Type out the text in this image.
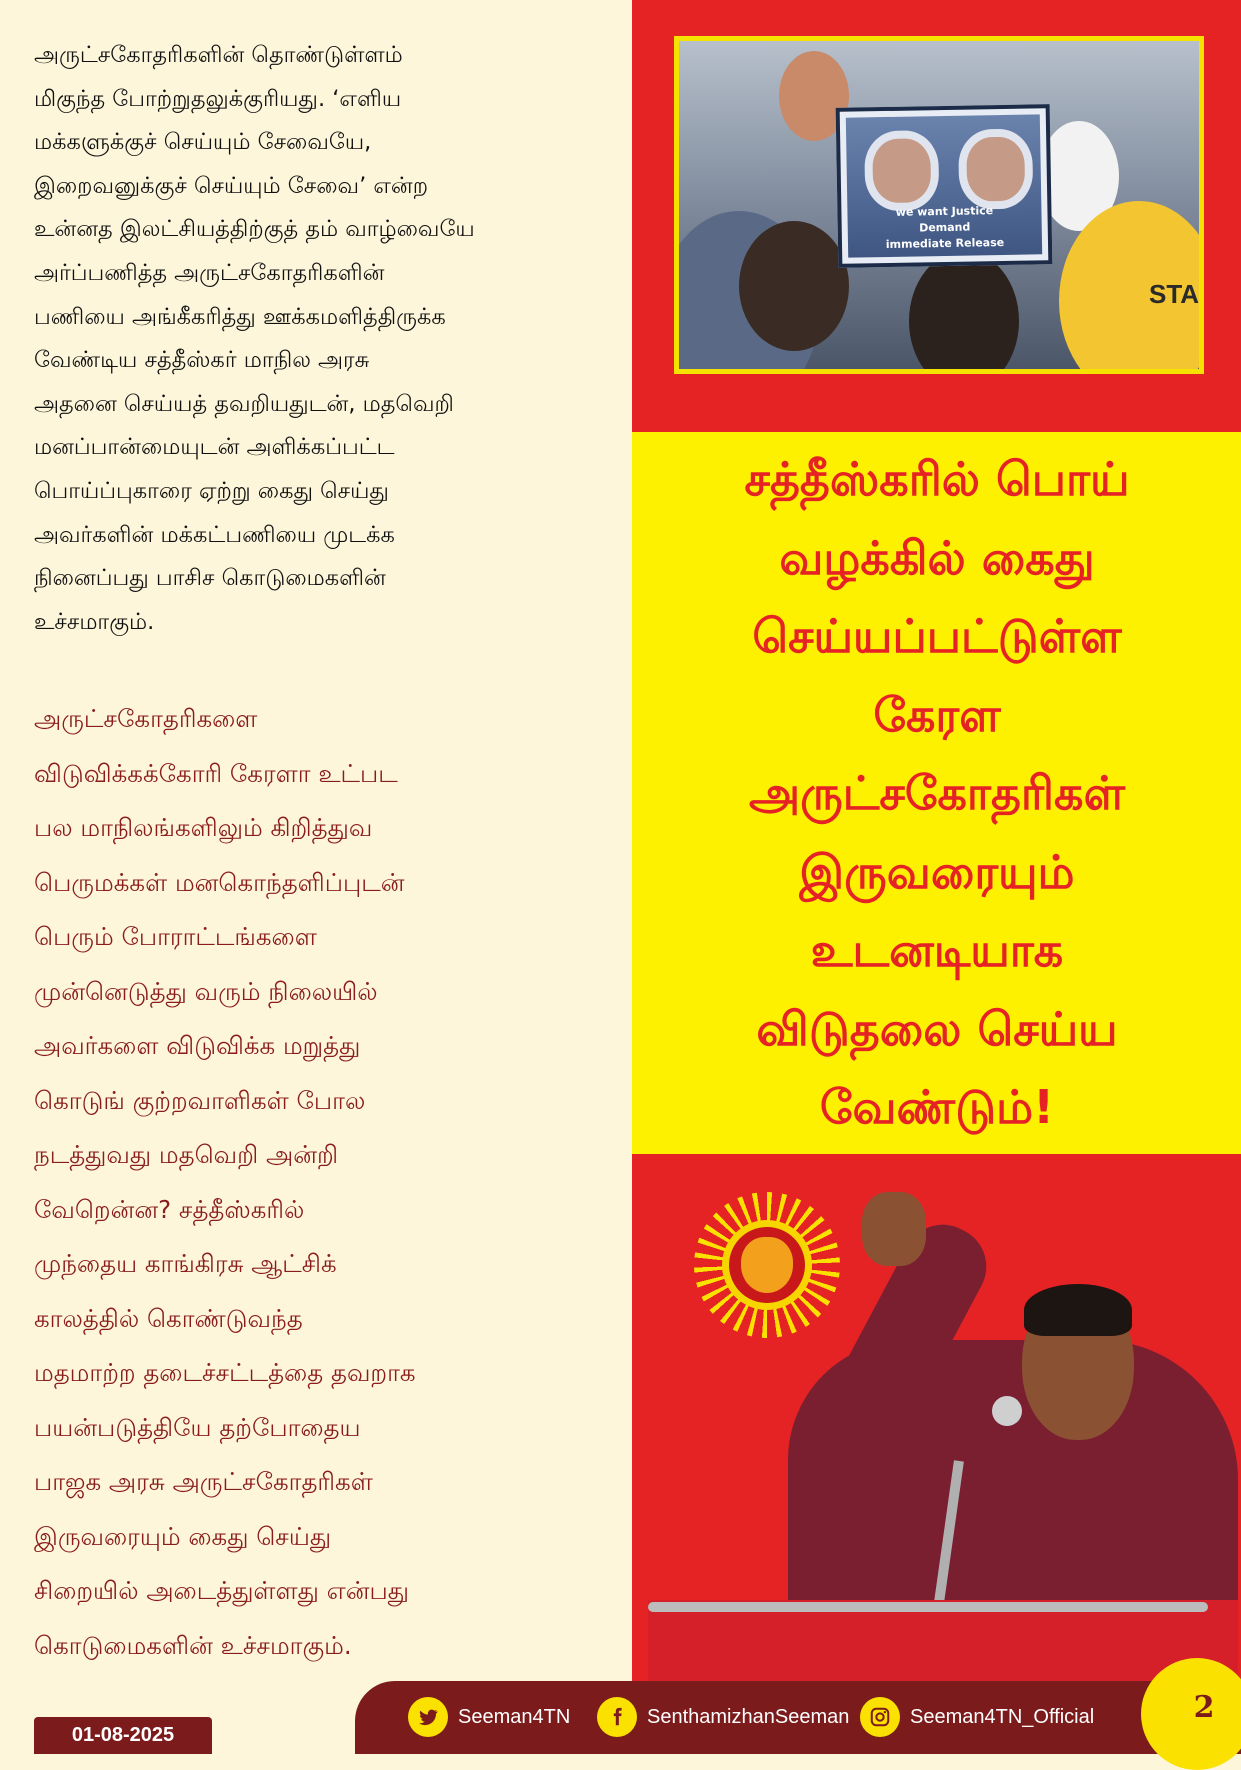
அருட்சகோதரிகளின் தொண்டுள்ளம்
மிகுந்த போற்றுதலுக்குரியது. ‘எளிய
மக்களுக்குச் செய்யும் சேவையே,
இறைவனுக்குச் செய்யும் சேவை’ என்ற
உன்னத இலட்சியத்திற்குத் தம் வாழ்வையே
அர்ப்பணித்த அருட்சகோதரிகளின்
பணியை அங்கீகரித்து ஊக்கமளித்திருக்க
வேண்டிய சத்தீஸ்கர் மாநில அரசு
அதனை செய்யத் தவறியதுடன், மதவெறி
மனப்பான்மையுடன் அளிக்கப்பட்ட
பொய்ப்புகாரை ஏற்று கைது செய்து
அவர்களின் மக்கட்பணியை முடக்க
நினைப்பது பாசிச கொடுமைகளின்
உச்சமாகும்.

அருட்சகோதரிகளை
விடுவிக்கக்கோரி கேரளா உட்பட
பல மாநிலங்களிலும் கிறித்துவ
பெருமக்கள் மனகொந்தளிப்புடன்
பெரும் போராட்டங்களை
முன்னெடுத்து வரும் நிலையில்
அவர்களை விடுவிக்க மறுத்து
கொடுங் குற்றவாளிகள் போல
நடத்துவது மதவெறி அன்றி
வேறென்ன? சத்தீஸ்கரில்
முந்தைய காங்கிரசு ஆட்சிக்
காலத்தில் கொண்டுவந்த
மதமாற்ற தடைச்சட்டத்தை தவறாக
பயன்படுத்தியே தற்போதைய
பாஜக அரசு அருட்சகோதரிகள்
இருவரையும் கைது செய்து
சிறையில் அடைத்துள்ளது என்பது
கொடுமைகளின் உச்சமாகும்.

we want Justice
Demand
immediate Release
STA
சத்தீஸ்கரில் பொய்
வழக்கில் கைது
செய்யப்பட்டுள்ள
கேரள
அருட்சகோதரிகள்
இருவரையும்
உடனடியாக
விடுதலை செய்ய
வேண்டும்!
Seeman4TN	SenthamizhanSeeman	Seeman4TN_Official	2
01-08-2025
